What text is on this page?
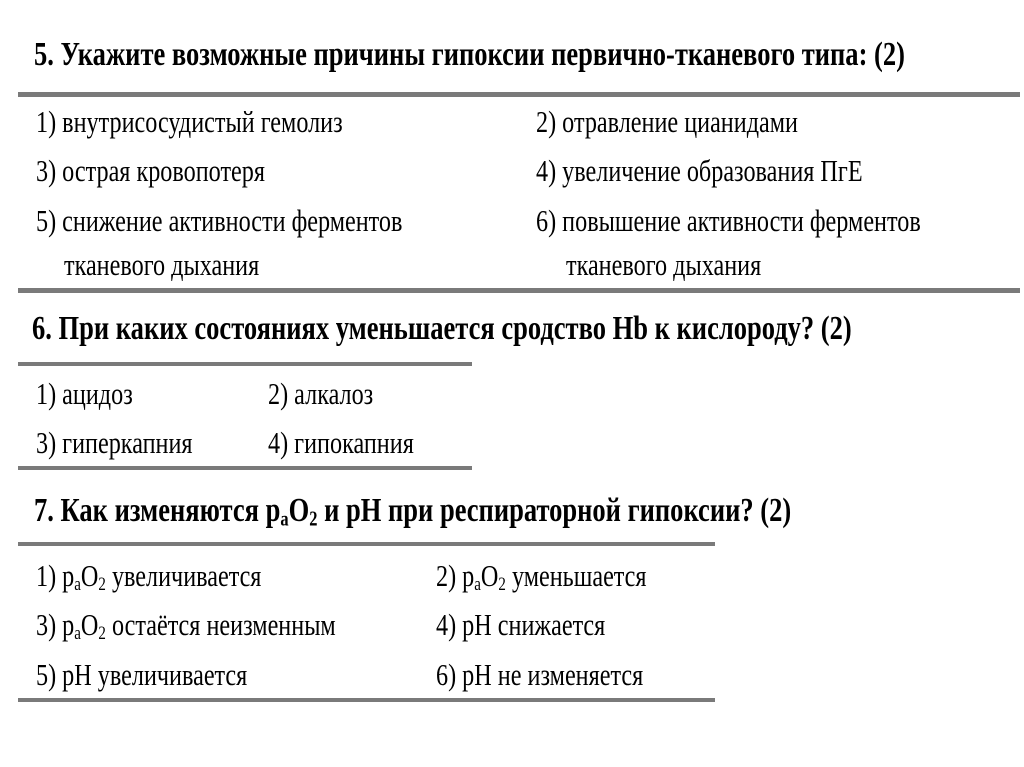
5. Укажите возможные причины гипоксии первично-тканевого типа: (2)
1) внутрисосудистый гемолиз	2) отравление цианидами
3) острая кровопотеря	4) увеличение образования ПгЕ
5) снижение активности ферментов	6) повышение активности ферментов
тканевого дыхания	тканевого дыхания
6. При каких состояниях уменьшается сродство Hb к кислороду? (2)
1) ацидоз	2) алкалоз
3) гиперкапния 4) гипокапния
7. Как изменяются $p_aO_2$ и pH при респираторной гипоксии? (2)
1) $p_aO_2$ увеличивается	2) $p_aO_2$ уменьшается
3) $p_aO_2$ остаётся неизменным	4) pH снижается
5) pH увеличивается	6) pH не изменяется
